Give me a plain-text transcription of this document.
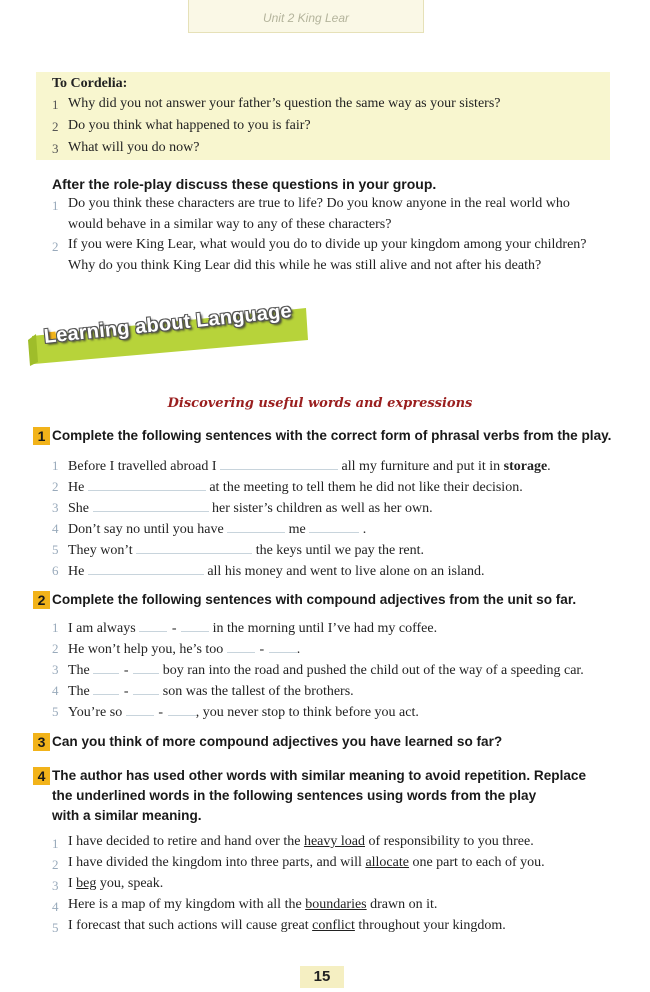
Unit 2 King Lear
To Cordelia:
1 Why did you not answer your father’s question the same way as your sisters?
2 Do you think what happened to you is fair?
3 What will you do now?
After the role-play discuss these questions in your group.
1 Do you think these characters are true to life? Do you know anyone in the real world who
would behave in a similar way to any of these characters?
2 If you were King Lear, what would you do to divide up your kingdom among your children?
Why do you think King Lear did this while he was still alive and not after his death?
Learning about Language
Discovering useful words and expressions
1 Complete the following sentences with the correct form of phrasal verbs from the play.
1 Before I travelled abroad I	all my furniture and put it in storage.
2 He	at the meeting to tell them he did not like their decision.
3 She	her sister’s children as well as her own.
4 Don’t say no until you have	me	.
5 They won’t	the keys until we pay the rent.
6 He	all his money and went to live alone on an island.
2 Complete the following sentences with compound adjectives from the unit so far.
1 I am always	-	in the morning until I’ve had my coffee.
2 He won’t help you, he’s too	- .
3 The - boy ran into the road and pushed the child out of the way of a speeding car.
4 The - son was the tallest of the brothers.
5 You’re so	- , you never stop to think before you act.
3 Can you think of more compound adjectives you have learned so far?
4 The author has used other words with similar meaning to avoid repetition. Replace
the underlined words in the following sentences using words from the play
with a similar meaning.
1 I have decided to retire and hand over the heavy load of responsibility to you three.
2 I have divided the kingdom into three parts, and will allocate one part to each of you.
3 I beg you, speak.
4 Here is a map of my kingdom with all the boundaries drawn on it.
5 I forecast that such actions will cause great conflict throughout your kingdom.
15
